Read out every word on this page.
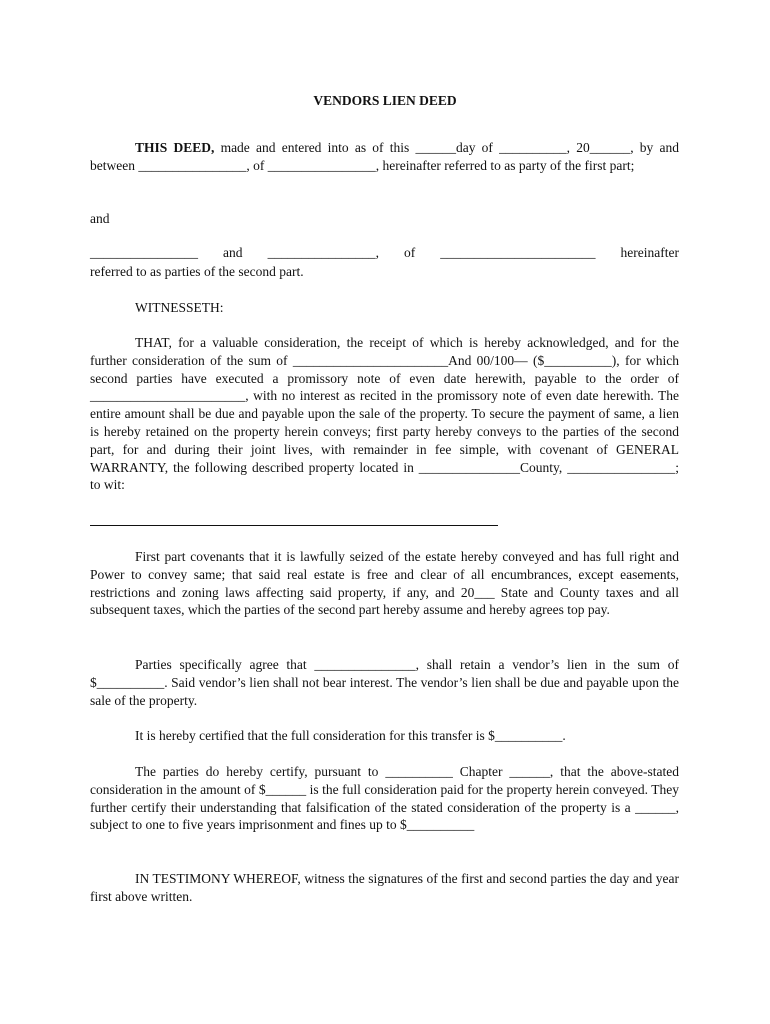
VENDORS LIEN DEED
THIS DEED, made and entered into as of this ______day of __________, 20______, by and between ________________, of ________________, hereinafter referred to as party of the first part;
and
________________ and ________________, of _______________________ hereinafter
referred to as parties of the second part.
WITNESSETH:
THAT, for a valuable consideration, the receipt of which is hereby acknowledged, and for the further consideration of the sum of _______________________And 00/100— ($__________), for which second parties have executed a promissory note of even date herewith, payable to the order of _______________________, with no interest as recited in the promissory note of even date herewith. The entire amount shall be due and payable upon the sale of the property. To secure the payment of same, a lien is hereby retained on the property herein conveys; first party hereby conveys to the parties of the second part, for and during their joint lives, with remainder in fee simple, with covenant of GENERAL WARRANTY, the following described property located in _______________County, ________________; to wit:
First part covenants that it is lawfully seized of the estate hereby conveyed and has full right and Power to convey same; that said real estate is free and clear of all encumbrances, except easements, restrictions and zoning laws affecting said property, if any, and 20___ State and County taxes and all subsequent taxes, which the parties of the second part hereby assume and hereby agrees top pay.
Parties specifically agree that _______________, shall retain a vendor’s lien in the sum of $__________. Said vendor’s lien shall not bear interest. The vendor’s lien shall be due and payable upon the sale of the property.
It is hereby certified that the full consideration for this transfer is $__________.
The parties do hereby certify, pursuant to __________ Chapter ______, that the above-stated consideration in the amount of $______ is the full consideration paid for the property herein conveyed. They further certify their understanding that falsification of the stated consideration of the property is a ______, subject to one to five years imprisonment and fines up to $__________
IN TESTIMONY WHEREOF, witness the signatures of the first and second parties the day and year first above written.
